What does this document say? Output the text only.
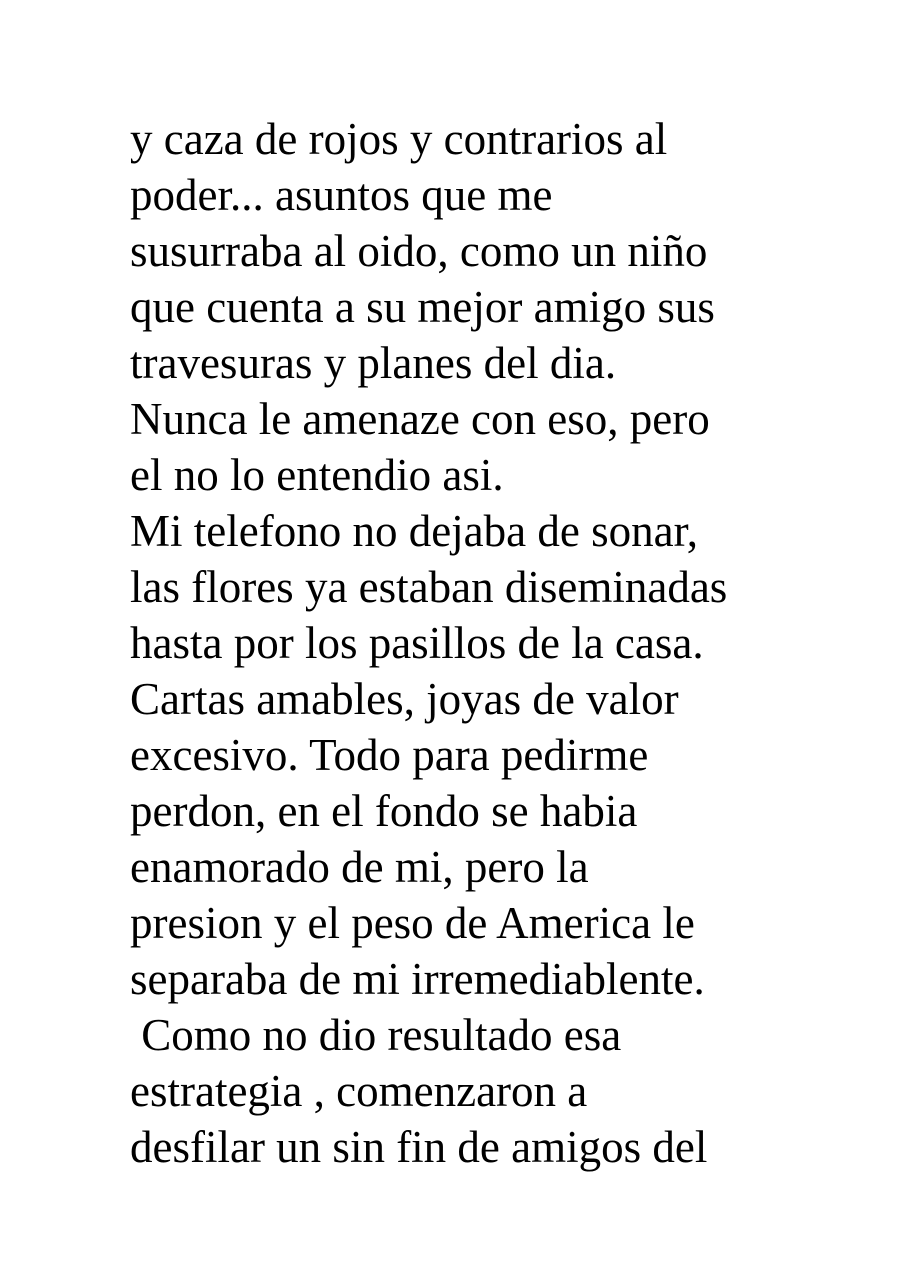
y caza de rojos y contrarios al
poder... asuntos que me
susurraba al oido, como un niño
que cuenta a su mejor amigo sus
travesuras y planes del dia.
Nunca le amenaze con eso, pero
el no lo entendio asi.
Mi telefono no dejaba de sonar,
las flores ya estaban diseminadas
hasta por los pasillos de la casa.
Cartas amables, joyas de valor
excesivo. Todo para pedirme
perdon, en el fondo se habia
enamorado de mi, pero la
presion y el peso de America le
separaba de mi irremediablente.
Como no dio resultado esa
estrategia , comenzaron a
desfilar un sin fin de amigos del
